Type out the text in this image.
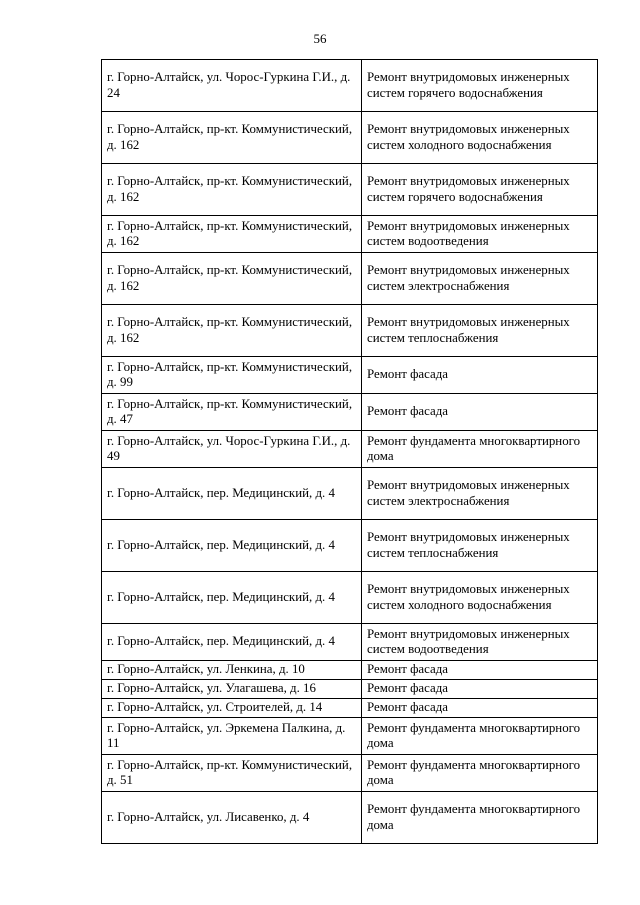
56
г. Горно-Алтайск, ул. Чорос-Гуркина Г.И., д. 24	Ремонт внутридомовых инженерных систем горячего водоснабжения
г. Горно-Алтайск, пр-кт. Коммунистический, д. 162	Ремонт внутридомовых инженерных систем холодного водоснабжения
г. Горно-Алтайск, пр-кт. Коммунистический, д. 162	Ремонт внутридомовых инженерных систем горячего водоснабжения
г. Горно-Алтайск, пр-кт. Коммунистический, д. 162	Ремонт внутридомовых инженерных систем водоотведения
г. Горно-Алтайск, пр-кт. Коммунистический, д. 162	Ремонт внутридомовых инженерных систем электроснабжения
г. Горно-Алтайск, пр-кт. Коммунистический, д. 162	Ремонт внутридомовых инженерных систем теплоснабжения
г. Горно-Алтайск, пр-кт. Коммунистический, д. 99	Ремонт фасада
г. Горно-Алтайск, пр-кт. Коммунистический, д. 47	Ремонт фасада
г. Горно-Алтайск, ул. Чорос-Гуркина Г.И., д. 49	Ремонт фундамента многоквартирного дома
г. Горно-Алтайск, пер. Медицинский, д. 4	Ремонт внутридомовых инженерных систем электроснабжения
г. Горно-Алтайск, пер. Медицинский, д. 4	Ремонт внутридомовых инженерных систем теплоснабжения
г. Горно-Алтайск, пер. Медицинский, д. 4	Ремонт внутридомовых инженерных систем холодного водоснабжения
г. Горно-Алтайск, пер. Медицинский, д. 4	Ремонт внутридомовых инженерных систем водоотведения
г. Горно-Алтайск, ул. Ленкина, д. 10	Ремонт фасада
г. Горно-Алтайск, ул. Улагашева, д. 16	Ремонт фасада
г. Горно-Алтайск, ул. Строителей, д. 14	Ремонт фасада
г. Горно-Алтайск, ул. Эркемена Палкина, д. 11	Ремонт фундамента многоквартирного дома
г. Горно-Алтайск, пр-кт. Коммунистический, д. 51	Ремонт фундамента многоквартирного дома
г. Горно-Алтайск, ул. Лисавенко, д. 4	Ремонт фундамента многоквартирного дома
